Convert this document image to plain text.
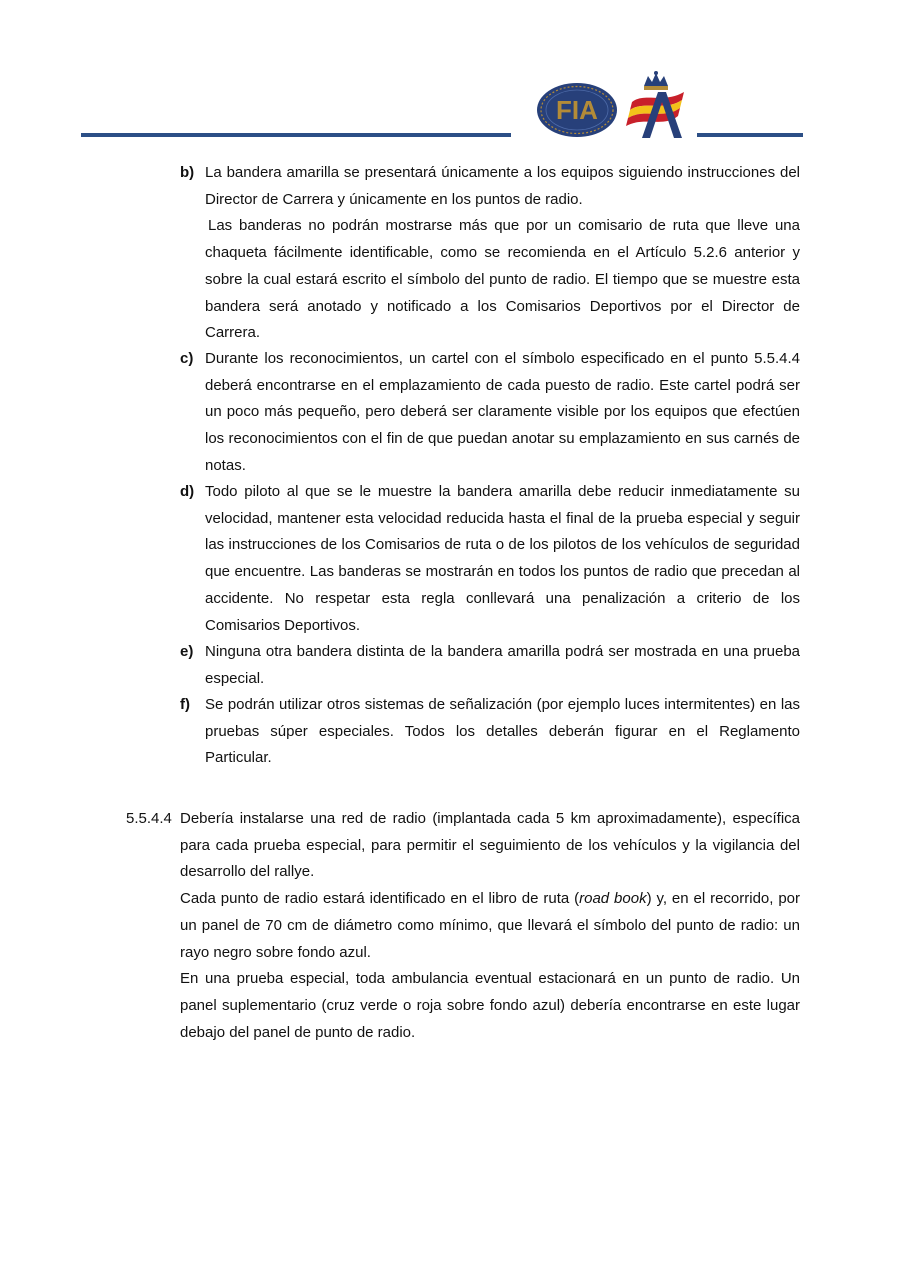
FIA
RFEDA
b) La bandera amarilla se presentará únicamente a los equipos siguiendo instrucciones del Director de Carrera y únicamente en los puntos de radio.

Las banderas no podrán mostrarse más que por un comisario de ruta que lleve una chaqueta fácilmente identificable, como se recomienda en el Artículo 5.2.6 anterior y sobre la cual estará escrito el símbolo del punto de radio. El tiempo que se muestre esta bandera será anotado y notificado a los Comisarios Deportivos por el Director de Carrera.

c) Durante los reconocimientos, un cartel con el símbolo especificado en el punto 5.5.4.4 deberá encontrarse en el emplazamiento de cada puesto de radio. Este cartel podrá ser un poco más pequeño, pero deberá ser claramente visible por los equipos que efectúen los reconocimientos con el fin de que puedan anotar su emplazamiento en sus carnés de notas.

d) Todo piloto al que se le muestre la bandera amarilla debe reducir inmediatamente su velocidad, mantener esta velocidad reducida hasta el final de la prueba especial y seguir las instrucciones de los Comisarios de ruta o de los pilotos de los vehículos de seguridad que encuentre. Las banderas se mostrarán en todos los puntos de radio que precedan al accidente. No respetar esta regla conllevará una penalización a criterio de los Comisarios Deportivos.

e) Ninguna otra bandera distinta de la bandera amarilla podrá ser mostrada en una prueba especial.

f) Se podrán utilizar otros sistemas de señalización (por ejemplo luces intermitentes) en las pruebas súper especiales. Todos los detalles deberán figurar en el Reglamento Particular.

5.5.4.4 Debería instalarse una red de radio (implantada cada 5 km aproximadamente), específica para cada prueba especial, para permitir el seguimiento de los vehículos y la vigilancia del desarrollo del rallye.

Cada punto de radio estará identificado en el libro de ruta (road book) y, en el recorrido, por un panel de 70 cm de diámetro como mínimo, que llevará el símbolo del punto de radio: un rayo negro sobre fondo azul.

En una prueba especial, toda ambulancia eventual estacionará en un punto de radio. Un panel suplementario (cruz verde o roja sobre fondo azul) debería encontrarse en este lugar debajo del panel de punto de radio.
